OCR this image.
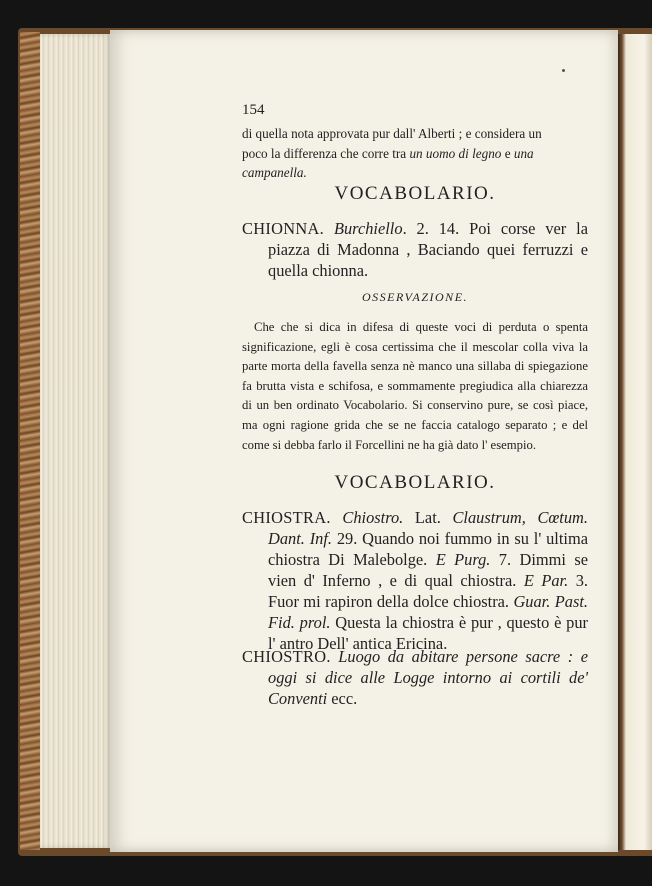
154

di quella nota approvata pur dall' Alberti ; e considera un

poco la differenza che corre tra un uomo di legno e una

campanella.

VOCABOLARIO.

CHIONNA. Burchiello. 2. 14. Poi corse ver la piazza di Madonna , Baciando quei ferruzzi e quella chionna.

OSSERVAZIONE.

Che che si dica in difesa di queste voci di perduta o spenta significazione, egli è cosa certissima che il mescolar colla viva la parte morta della favella senza nè manco una sillaba di spiegazione fa brutta vista e schifosa, e sommamente pregiudica alla chiarezza di un ben ordinato Vocabolario. Si conservino pure, se così piace, ma ogni ragione grida che se ne faccia catalogo separato ; e del come si debba farlo il Forcellini ne ha già dato l' esempio.

VOCABOLARIO.

CHIOSTRA. Chiostro. Lat. Claustrum, Cœtum. Dant. Inf. 29. Quando noi fummo in su l' ultima chiostra Di Malebolge. E Purg. 7. Dimmi se vien d' Inferno , e di qual chiostra. E Par. 3. Fuor mi rapiron della dolce chiostra. Guar. Past. Fid. prol. Questa la chiostra è pur , questo è pur l' antro Dell' antica Ericina.

CHIOSTRO. Luogo da abitare persone sacre : e oggi si dice alle Logge intorno ai cortili de' Conventi ecc.
